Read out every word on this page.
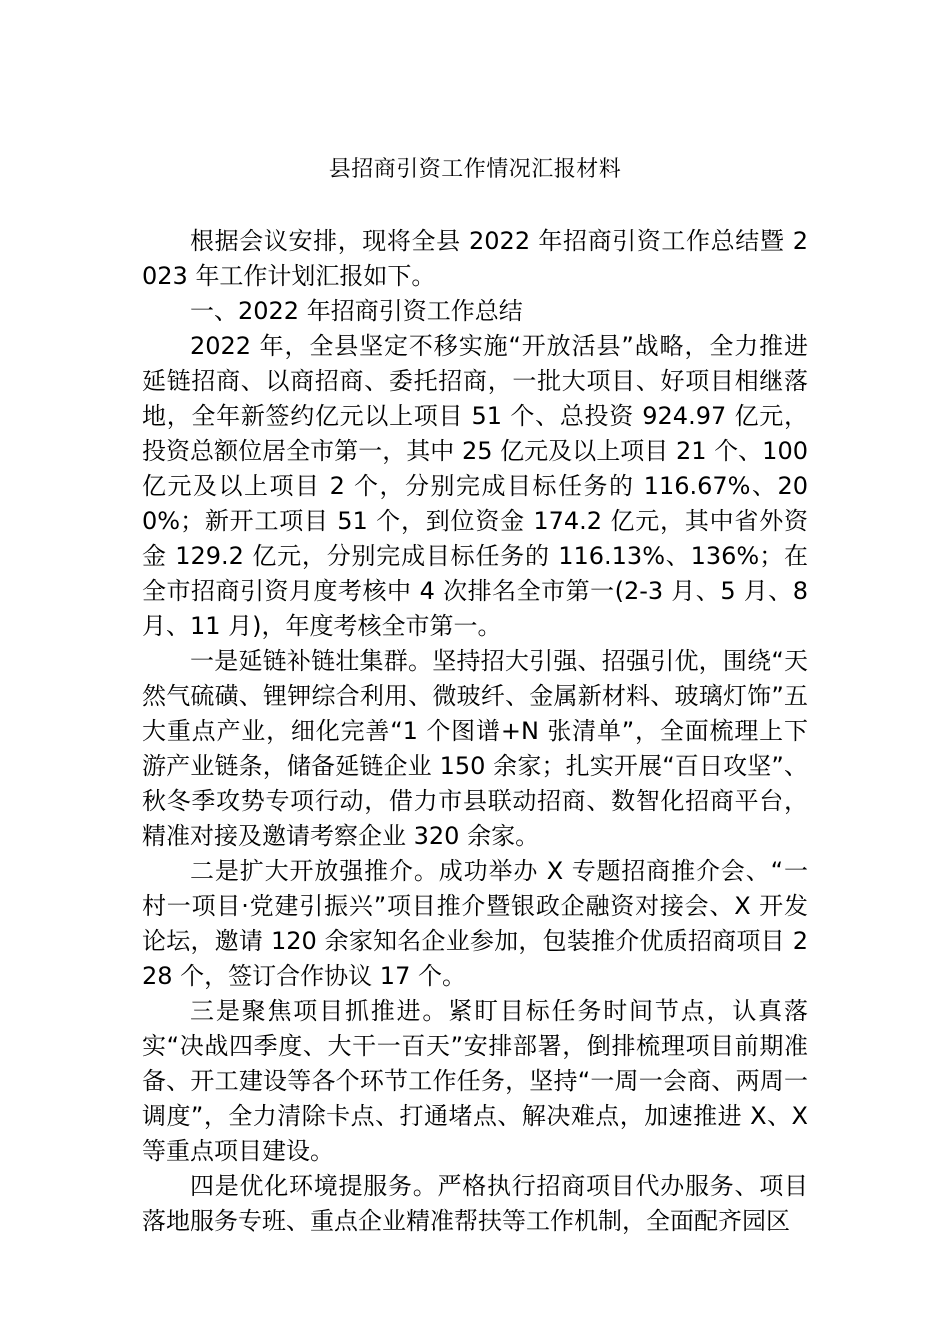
县招商引资工作情况汇报材料

根据会议安排，现将全县 2022 年招商引资工作总结暨 2023 年工作计划汇报如下。

一、2022 年招商引资工作总结

2022 年，全县坚定不移实施“开放活县”战略，全力推进延链招商、以商招商、委托招商，一批大项目、好项目相继落地，全年新签约亿元以上项目 51 个、总投资 924.97 亿元，投资总额位居全市第一，其中 25 亿元及以上项目 21 个、100 亿元及以上项目 2 个，分别完成目标任务的 116.67%、200%；新开工项目 51 个，到位资金 174.2 亿元，其中省外资金 129.2 亿元，分别完成目标任务的 116.13%、136%；在全市招商引资月度考核中 4 次排名全市第一(2-3 月、5 月、8 月、11 月)，年度考核全市第一。

一是延链补链壮集群。坚持招大引强、招强引优，围绕“天然气硫磺、锂钾综合利用、微玻纤、金属新材料、玻璃灯饰”五大重点产业，细化完善“1 个图谱+N 张清单”，全面梳理上下游产业链条，储备延链企业 150 余家；扎实开展“百日攻坚”、秋冬季攻势专项行动，借力市县联动招商、数智化招商平台，精准对接及邀请考察企业 320 余家。

二是扩大开放强推介。成功举办 X 专题招商推介会、“一村一项目·党建引振兴”项目推介暨银政企融资对接会、X 开发论坛，邀请 120 余家知名企业参加，包装推介优质招商项目 228 个，签订合作协议 17 个。

三是聚焦项目抓推进。紧盯目标任务时间节点，认真落实“决战四季度、大干一百天”安排部署，倒排梳理项目前期准备、开工建设等各个环节工作任务，坚持“一周一会商、两周一调度”，全力清除卡点、打通堵点、解决难点，加速推进 X、X 等重点项目建设。

四是优化环境提服务。严格执行招商项目代办服务、项目落地服务专班、重点企业精准帮扶等工作机制，全面配齐园区
